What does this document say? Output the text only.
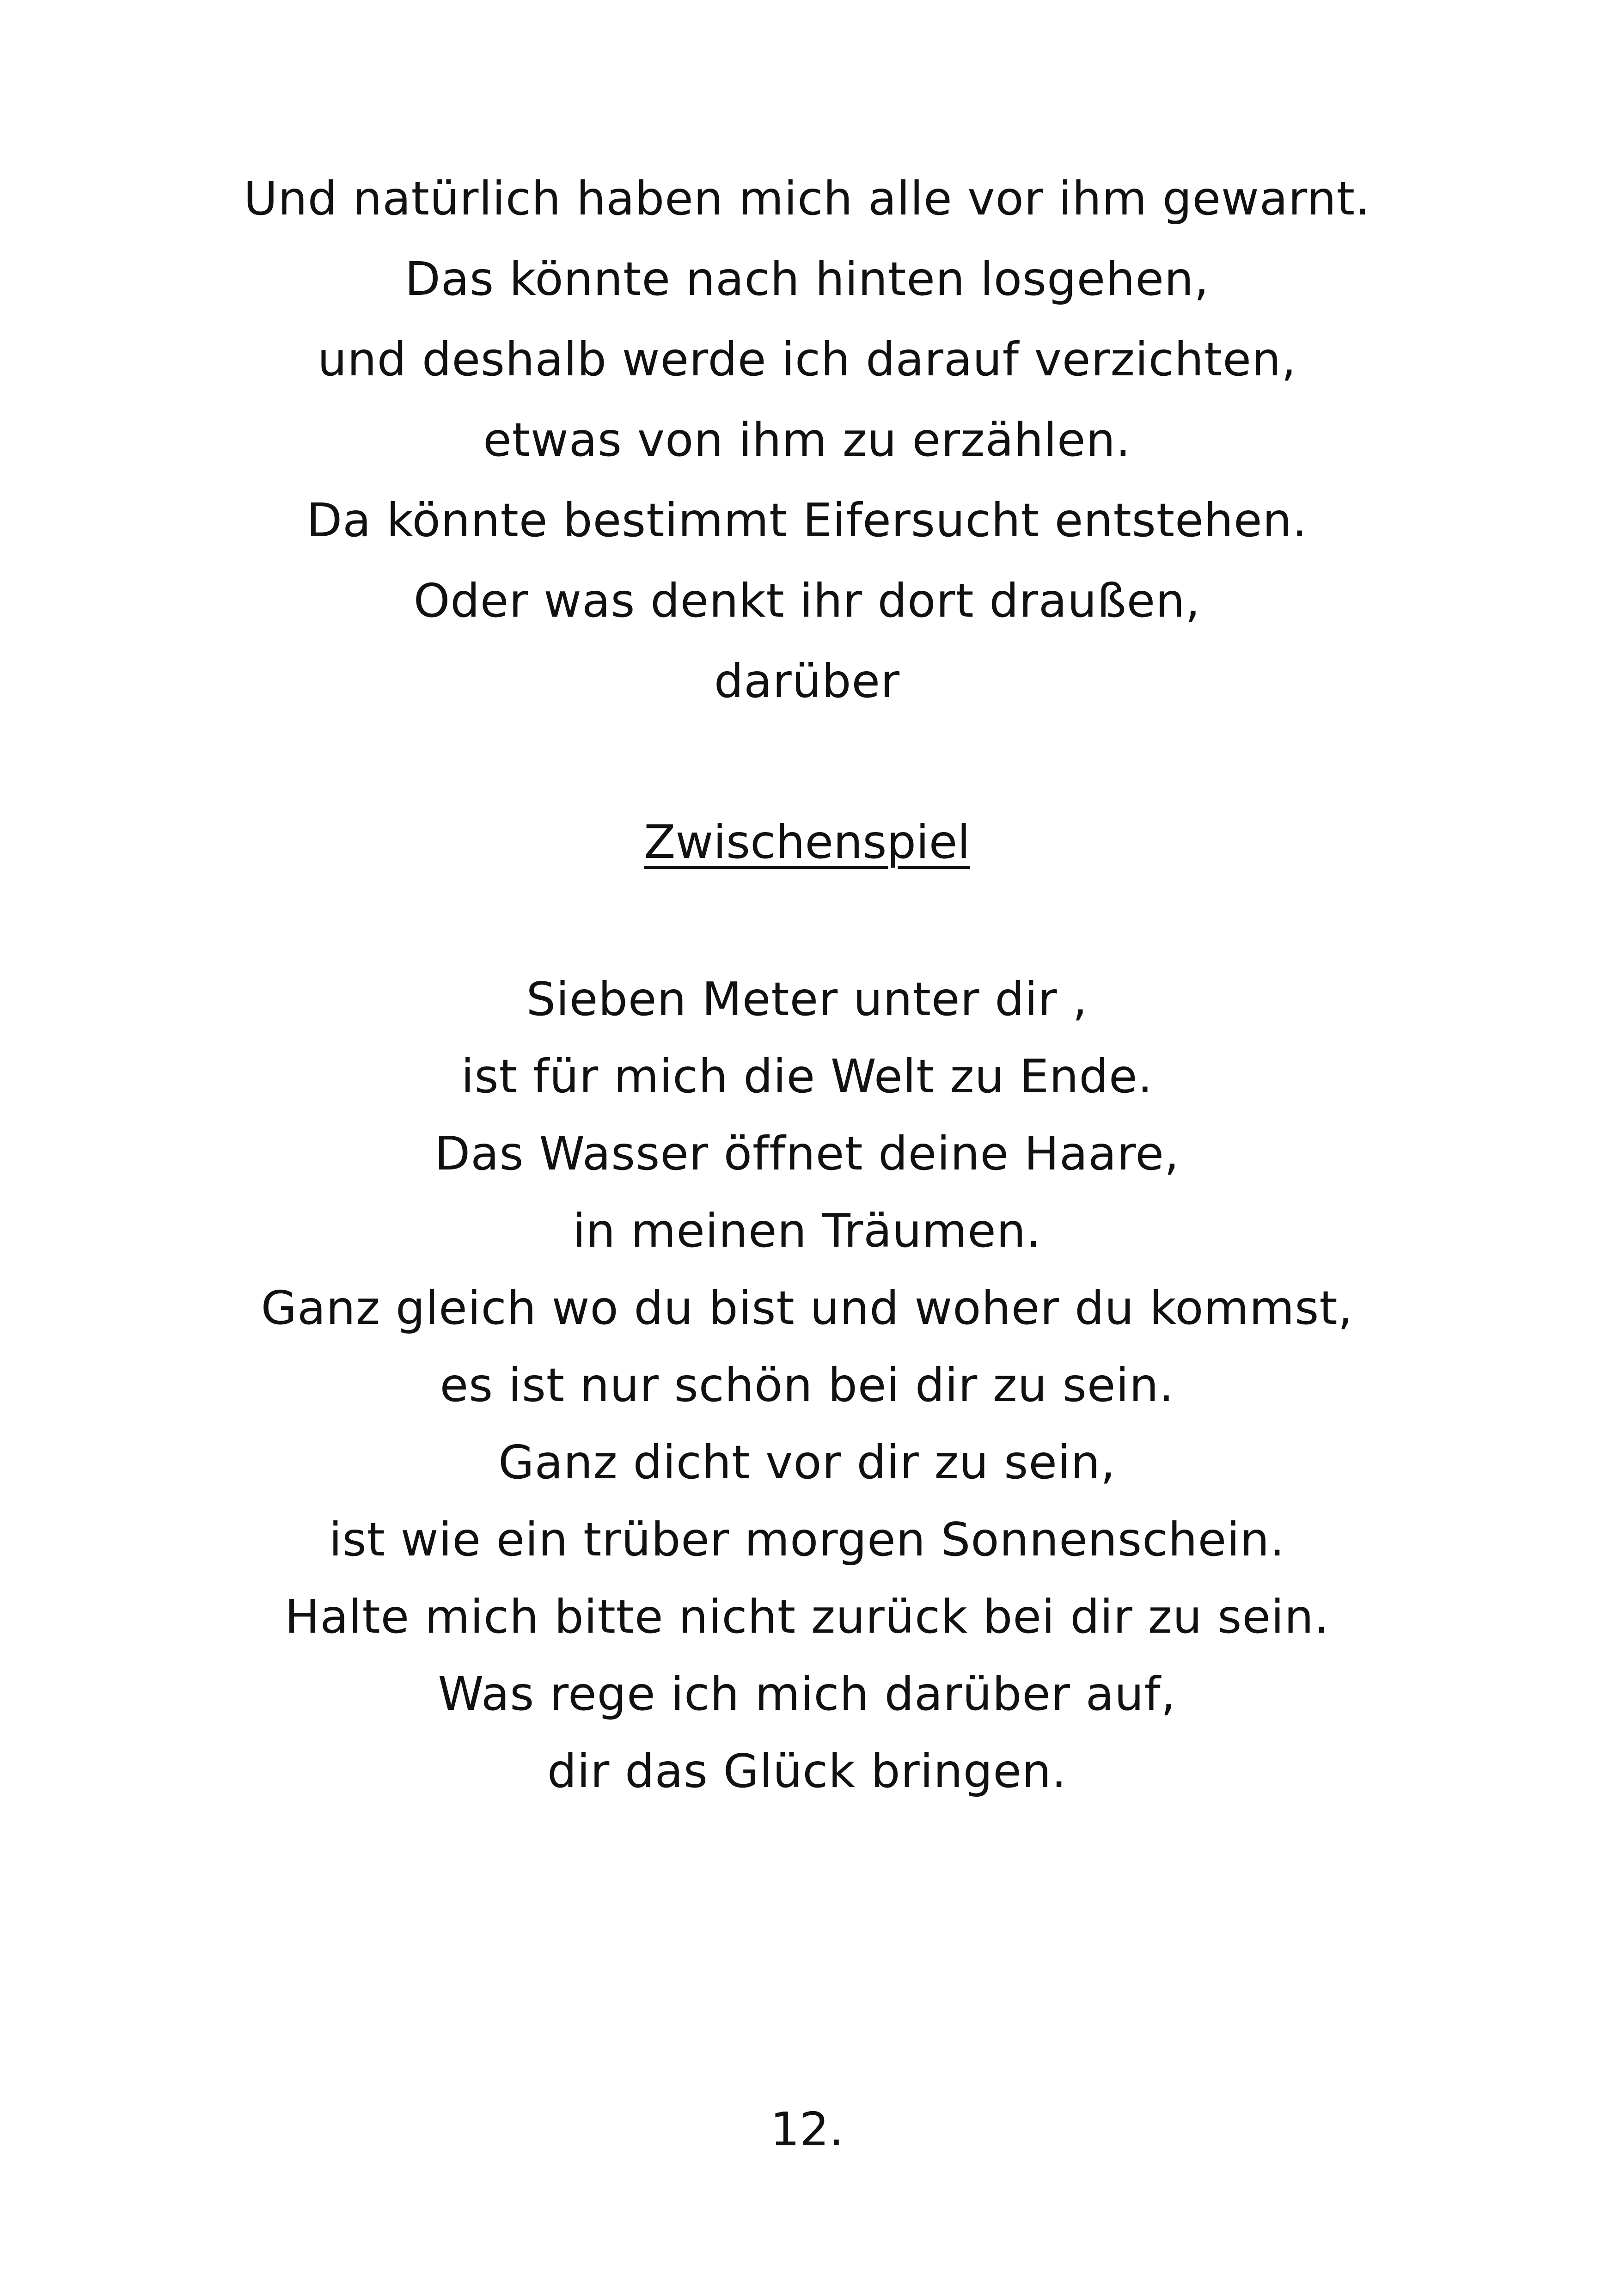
Und natürlich haben mich alle vor ihm gewarnt.
Das könnte nach hinten losgehen,
und deshalb werde ich darauf verzichten,
etwas von ihm zu erzählen.
Da könnte bestimmt Eifersucht entstehen.
Oder was denkt ihr dort draußen,
darüber
Zwischenspiel
Sieben Meter unter dir ,
ist für mich die Welt zu Ende.
Das Wasser öffnet deine Haare,
in meinen Träumen.
Ganz gleich wo du bist und woher du kommst,
es ist nur schön bei dir zu sein.
Ganz dicht vor dir zu sein,
ist wie ein trüber morgen Sonnenschein.
Halte mich bitte nicht zurück bei dir zu sein.
Was rege ich mich darüber auf,
dir das Glück bringen.
12.
